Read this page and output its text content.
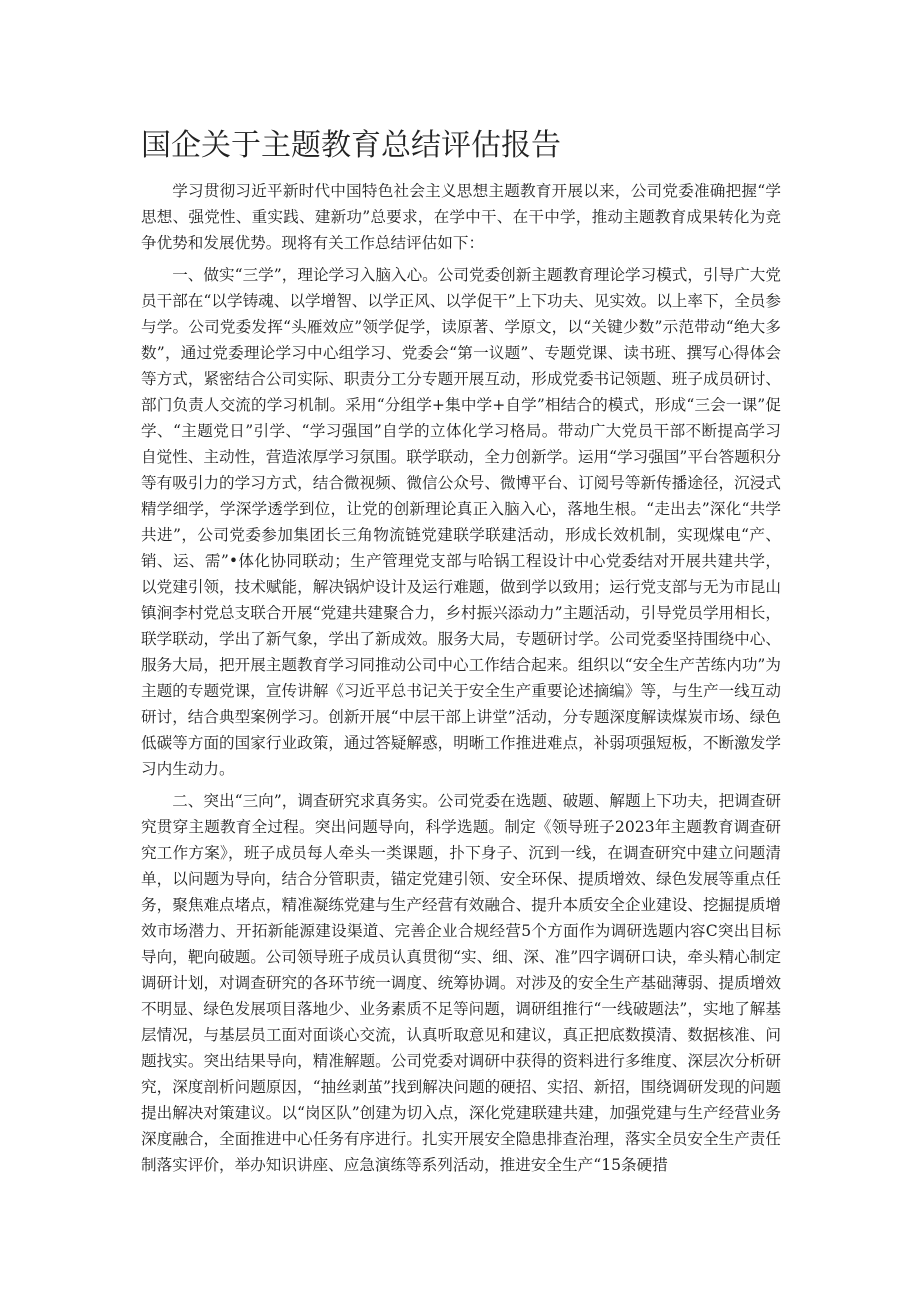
国企关于主题教育总结评估报告

学习贯彻习近平新时代中国特色社会主义思想主题教育开展以来，公司党委准确把握“学思想、强党性、重实践、建新功”总要求，在学中干、在干中学，推动主题教育成果转化为竞争优势和发展优势。现将有关工作总结评估如下：

一、做实“三学”，理论学习入脑入心。公司党委创新主题教育理论学习模式，引导广大党员干部在“以学铸魂、以学增智、以学正风、以学促干”上下功夫、见实效。以上率下，全员参与学。公司党委发挥“头雁效应”领学促学，读原著、学原文，以“关键少数”示范带动“绝大多数”，通过党委理论学习中心组学习、党委会“第一议题”、专题党课、读书班、撰写心得体会等方式，紧密结合公司实际、职责分工分专题开展互动，形成党委书记领题、班子成员研讨、部门负责人交流的学习机制。采用“分组学+集中学+自学”相结合的模式，形成“三会一课”促学、“主题党日”引学、“学习强国”自学的立体化学习格局。带动广大党员干部不断提高学习自觉性、主动性，营造浓厚学习氛围。联学联动，全力创新学。运用“学习强国”平台答题积分等有吸引力的学习方式，结合微视频、微信公众号、微博平台、订阅号等新传播途径，沉浸式精学细学，学深学透学到位，让党的创新理论真正入脑入心，落地生根。“走出去”深化“共学共进”，公司党委参加集团长三角物流链党建联学联建活动，形成长效机制，实现煤电“产、销、运、需”•体化协同联动；生产管理党支部与哈锅工程设计中心党委结对开展共建共学，以党建引领，技术赋能，解决锅炉设计及运行难题，做到学以致用；运行党支部与无为市昆山镇涧李村党总支联合开展“党建共建聚合力，乡村振兴添动力”主题活动，引导党员学用相长，联学联动，学出了新气象，学出了新成效。服务大局，专题研讨学。公司党委坚持围绕中心、服务大局，把开展主题教育学习同推动公司中心工作结合起来。组织以“安全生产苦练内功”为主题的专题党课，宣传讲解《习近平总书记关于安全生产重要论述摘编》等，与生产一线互动研讨，结合典型案例学习。创新开展“中层干部上讲堂”活动，分专题深度解读煤炭市场、绿色低碳等方面的国家行业政策，通过答疑解惑，明晰工作推进难点，补弱项强短板，不断激发学习内生动力。

二、突出“三向”，调查研究求真务实。公司党委在选题、破题、解题上下功夫，把调查研究贯穿主题教育全过程。突出问题导向，科学选题。制定《领导班子2023年主题教育调查研究工作方案》，班子成员每人牵头一类课题，扑下身子、沉到一线，在调查研究中建立问题清单，以问题为导向，结合分管职责，锚定党建引领、安全环保、提质增效、绿色发展等重点任务，聚焦难点堵点，精准凝练党建与生产经营有效融合、提升本质安全企业建设、挖掘提质增效市场潜力、开拓新能源建设渠道、完善企业合规经营5个方面作为调研选题内容C突出目标导向，靶向破题。公司领导班子成员认真贯彻“实、细、深、准”四字调研口诀，牵头精心制定调研计划，对调查研究的各环节统一调度、统筹协调。对涉及的安全生产基础薄弱、提质增效不明显、绿色发展项目落地少、业务素质不足等问题，调研组推行“一线破题法”，实地了解基层情况，与基层员工面对面谈心交流，认真听取意见和建议，真正把底数摸清、数据核准、问题找实。突出结果导向，精准解题。公司党委对调研中获得的资料进行多维度、深层次分析研究，深度剖析问题原因，“抽丝剥茧”找到解决问题的硬招、实招、新招，围绕调研发现的问题提出解决对策建议。以“岗区队”创建为切入点，深化党建联建共建，加强党建与生产经营业务深度融合，全面推进中心任务有序进行。扎实开展安全隐患排查治理，落实全员安全生产责任制落实评价，举办知识讲座、应急演练等系列活动，推进安全生产“15条硬措
